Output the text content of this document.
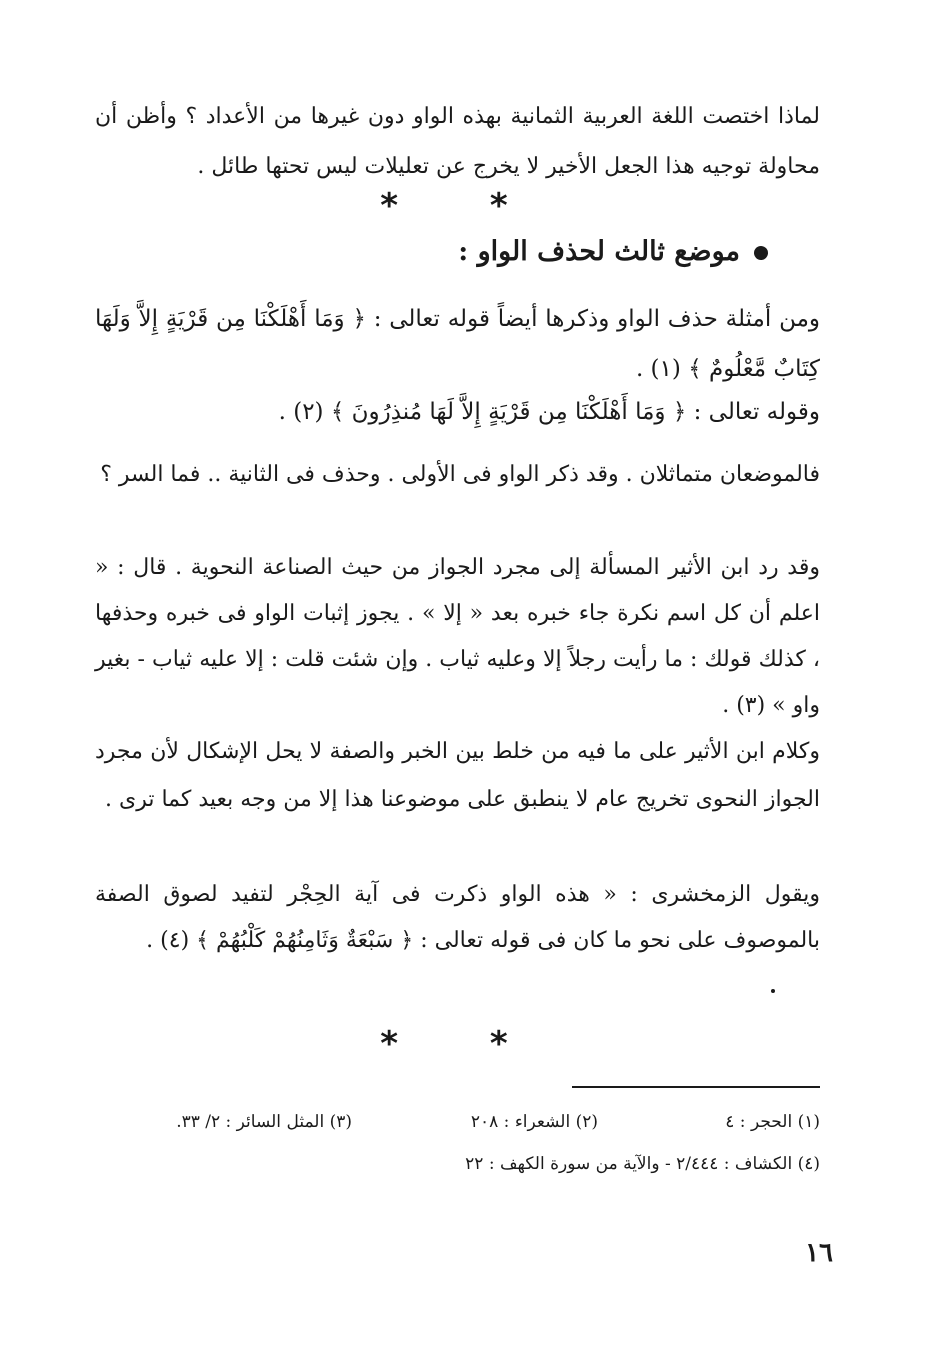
لماذا اختصت اللغة العربية الثمانية بهذه الواو دون غيرها من الأعداد ؟ وأظن أن محاولة توجيه هذا الجعل الأخير لا يخرج عن تعليلات ليس تحتها طائل .

* *
موضع ثالث لحذف الواو :

ومن أمثلة حذف الواو وذكرها أيضاً قوله تعالى : ﴿ وَمَا أَهْلَكْنَا مِن قَرْيَةٍ إِلاَّ وَلَهَا كِتَابٌ مَّعْلُومٌ ﴾ (١) .

وقوله تعالى : ﴿ وَمَا أَهْلَكْنَا مِن قَرْيَةٍ إِلاَّ لَهَا مُنذِرُونَ ﴾ (٢) .

فالموضعان متماثلان . وقد ذكر الواو فى الأولى . وحذف فى الثانية .. فما السر ؟

وقد رد ابن الأثير المسألة إلى مجرد الجواز من حيث الصناعة النحوية . قال : « اعلم أن كل اسم نكرة جاء خبره بعد « إلا » . يجوز إثبات الواو فى خبره وحذفها ، كذلك قولك : ما رأيت رجلاً إلا وعليه ثياب . وإن شئت قلت : إلا عليه ثياب - بغير واو » (٣) .

وكلام ابن الأثير على ما فيه من خلط بين الخبر والصفة لا يحل الإشكال لأن مجرد الجواز النحوى تخريج عام لا ينطبق على موضوعنا هذا إلا من وجه بعيد كما ترى .

ويقول الزمخشرى : « هذه الواو ذكرت فى آية الحِجْر لتفيد لصوق الصفة بالموصوف على نحو ما كان فى قوله تعالى : ﴿ سَبْعَةٌ وَثَامِنُهُمْ كَلْبُهُمْ ﴾ (٤) .

* *
(١) الحجر : ٤
(٢) الشعراء : ٢٠٨
(٣) المثل السائر : ٢/ ٣٣.
(٤) الكشاف : ٢/٤٤٤ - والآية من سورة الكهف : ٢٢
١٦
